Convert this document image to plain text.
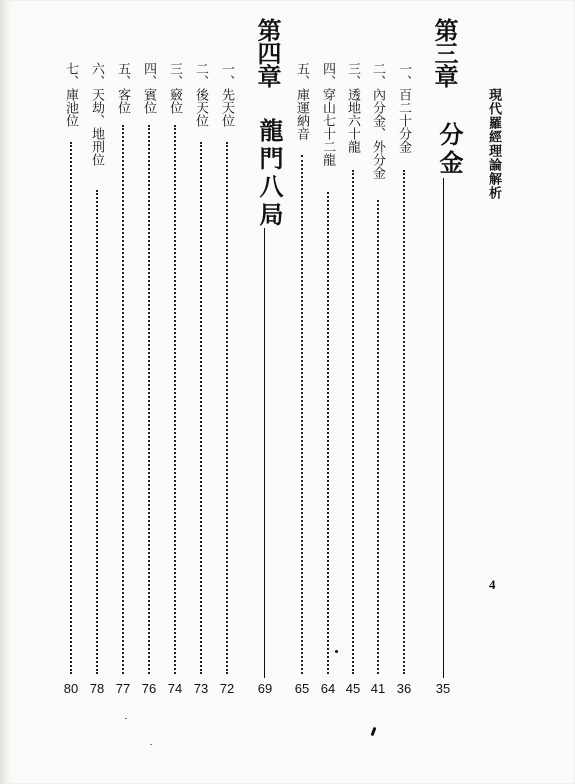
現代羅經理論解析
4
第三章
分金
35
一、百二十分金
36
二、內分金、外分金
41
三、透地六十龍
45
四、穿山七十二龍
64
五、庫運納音
65
第四章
龍門八局
69
一、先天位
72
二、後天位
73
三、竅位
74
四、賓位
76
五、客位
77
六、天劫、地刑位
78
七、庫池位
80
